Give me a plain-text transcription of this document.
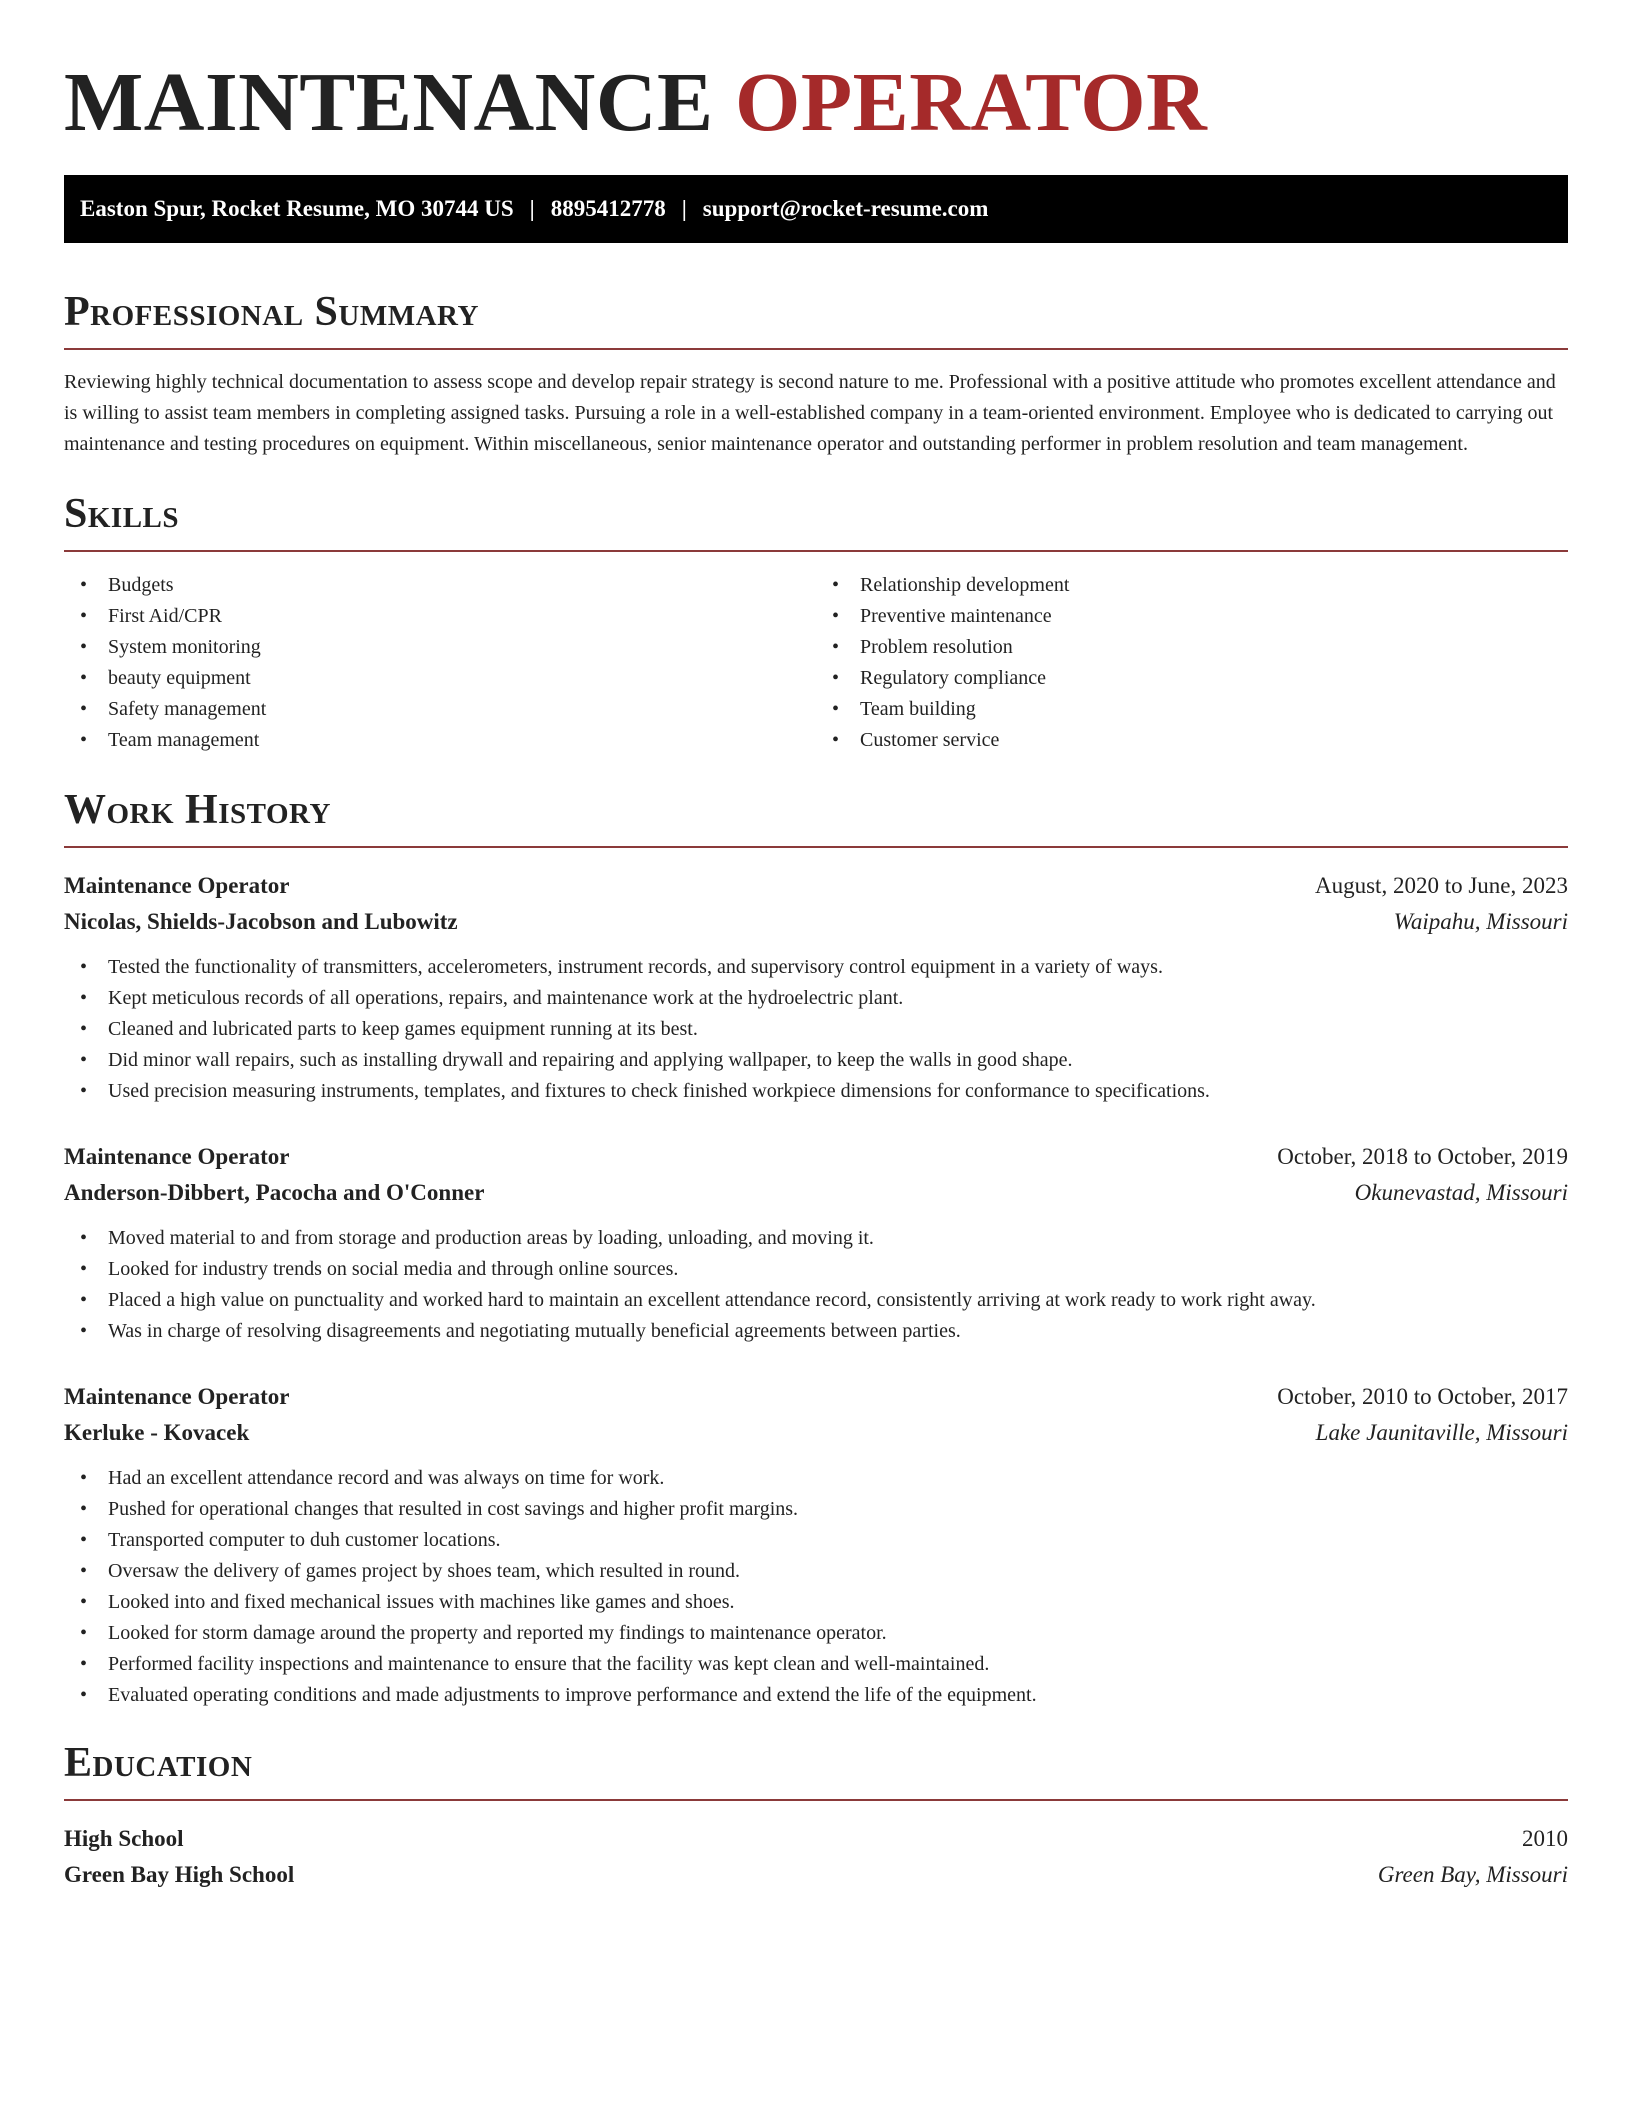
MAINTENANCE OPERATOR
Easton Spur, Rocket Resume, MO 30744 US | 8895412778 | support@rocket-resume.com
Professional Summary

Reviewing highly technical documentation to assess scope and develop repair strategy is second nature to me. Professional with a positive attitude who promotes excellent attendance and is willing to assist team members in completing assigned tasks. Pursuing a role in a well-established company in a team-oriented environment. Employee who is dedicated to carrying out maintenance and testing procedures on equipment. Within miscellaneous, senior maintenance operator and outstanding performer in problem resolution and team management.

Skills
• Budgets
• First Aid/CPR
• System monitoring
• beauty equipment
• Safety management
• Team management
• Relationship development
• Preventive maintenance
• Problem resolution
• Regulatory compliance
• Team building
• Customer service
Work History
Maintenance Operator	August, 2020 to June, 2023
Nicolas, Shields-Jacobson and Lubowitz	Waipahu, Missouri
• Tested the functionality of transmitters, accelerometers, instrument records, and supervisory control equipment in a variety of ways.
• Kept meticulous records of all operations, repairs, and maintenance work at the hydroelectric plant.
• Cleaned and lubricated parts to keep games equipment running at its best.
• Did minor wall repairs, such as installing drywall and repairing and applying wallpaper, to keep the walls in good shape.
• Used precision measuring instruments, templates, and fixtures to check finished workpiece dimensions for conformance to specifications.
Maintenance Operator	October, 2018 to October, 2019
Anderson-Dibbert, Pacocha and O'Conner	Okunevastad, Missouri
• Moved material to and from storage and production areas by loading, unloading, and moving it.
• Looked for industry trends on social media and through online sources.
• Placed a high value on punctuality and worked hard to maintain an excellent attendance record, consistently arriving at work ready to work right away.
• Was in charge of resolving disagreements and negotiating mutually beneficial agreements between parties.
Maintenance Operator	October, 2010 to October, 2017
Kerluke - Kovacek	Lake Jaunitaville, Missouri
• Had an excellent attendance record and was always on time for work.
• Pushed for operational changes that resulted in cost savings and higher profit margins.
• Transported computer to duh customer locations.
• Oversaw the delivery of games project by shoes team, which resulted in round.
• Looked into and fixed mechanical issues with machines like games and shoes.
• Looked for storm damage around the property and reported my findings to maintenance operator.
• Performed facility inspections and maintenance to ensure that the facility was kept clean and well-maintained.
• Evaluated operating conditions and made adjustments to improve performance and extend the life of the equipment.
Education
High School	2010
Green Bay High School	Green Bay, Missouri
